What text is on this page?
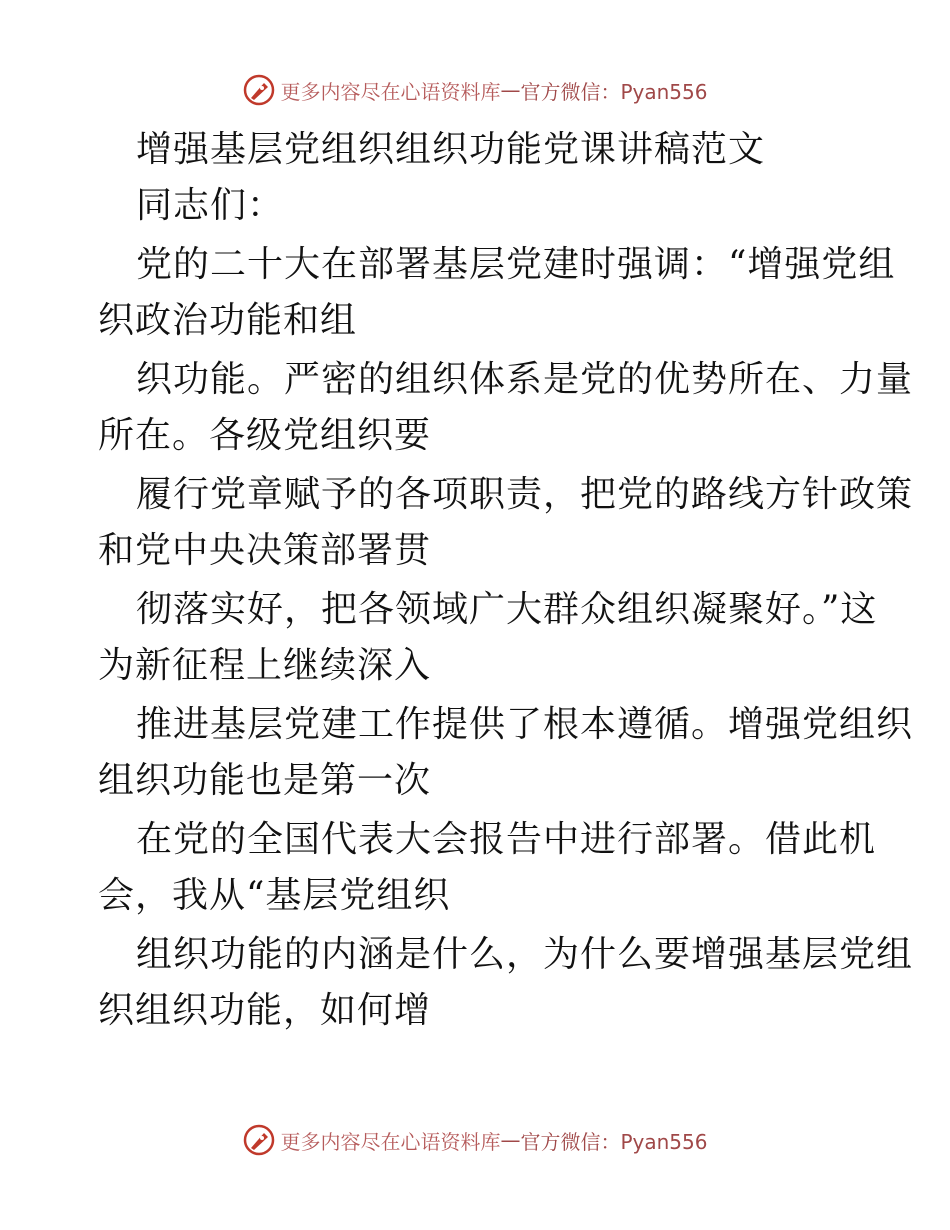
更多内容尽在心语资料库 — 官方微信：Pyan556
增强基层党组织组织功能党课讲稿范文
同志们：
党的二十大在部署基层党建时强调：“增强党组
织政治功能和组
织功能。严密的组织体系是党的优势所在、力量
所在。各级党组织要
履行党章赋予的各项职责，把党的路线方针政策
和党中央决策部署贯
彻落实好，把各领域广大群众组织凝聚好。”这
为新征程上继续深入
推进基层党建工作提供了根本遵循。增强党组织
组织功能也是第一次
在党的全国代表大会报告中进行部署。借此机
会，我从“基层党组织
组织功能的内涵是什么，为什么要增强基层党组
织组织功能，如何增
更多内容尽在心语资料库 — 官方微信：Pyan556
